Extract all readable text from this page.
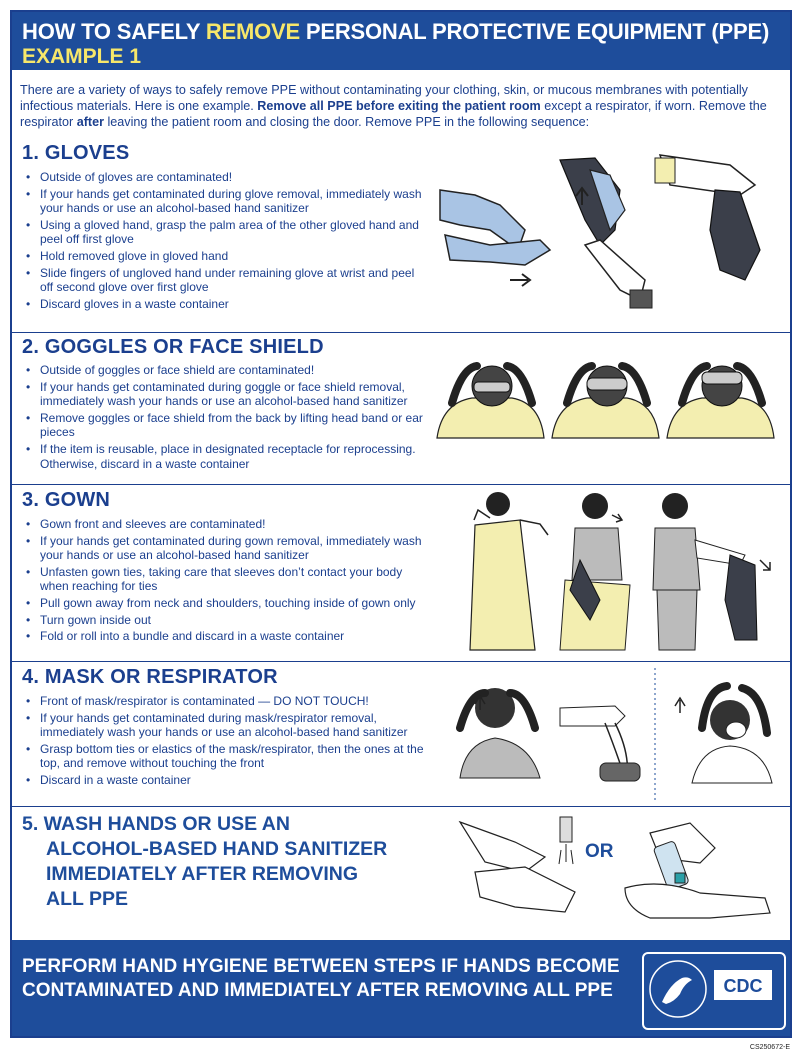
HOW TO SAFELY REMOVE PERSONAL PROTECTIVE EQUIPMENT (PPE)
EXAMPLE 1
There are a variety of ways to safely remove PPE without contaminating your clothing, skin, or mucous membranes with potentially infectious materials. Here is one example. Remove all PPE before exiting the patient room except a respirator, if worn. Remove the respirator after leaving the patient room and closing the door. Remove PPE in the following sequence:
1. GLOVES
• Outside of gloves are contaminated!
• If your hands get contaminated during glove removal, immediately wash your hands or use an alcohol-based hand sanitizer
• Using a gloved hand, grasp the palm area of the other gloved hand and peel off first glove
• Hold removed glove in gloved hand
• Slide fingers of ungloved hand under remaining glove at wrist and peel off second glove over first glove
• Discard gloves in a waste container
2. GOGGLES OR FACE SHIELD
• Outside of goggles or face shield are contaminated!
• If your hands get contaminated during goggle or face shield removal, immediately wash your hands or use an alcohol-based hand sanitizer
• Remove goggles or face shield from the back by lifting head band or ear pieces
• If the item is reusable, place in designated receptacle for reprocessing. Otherwise, discard in a waste container
3. GOWN
• Gown front and sleeves are contaminated!
• If your hands get contaminated during gown removal, immediately wash your hands or use an alcohol-based hand sanitizer
• Unfasten gown ties, taking care that sleeves don’t contact your body when reaching for ties
• Pull gown away from neck and shoulders, touching inside of gown only
• Turn gown inside out
• Fold or roll into a bundle and discard in a waste container
4. MASK OR RESPIRATOR
• Front of mask/respirator is contaminated — DO NOT TOUCH!
• If your hands get contaminated during mask/respirator removal, immediately wash your hands or use an alcohol-based hand sanitizer
• Grasp bottom ties or elastics of the mask/respirator, then the ones at the top, and remove without touching the front
• Discard in a waste container
5. WASH HANDS OR USE AN
ALCOHOL-BASED HAND SANITIZER
IMMEDIATELY AFTER REMOVING
ALL PPE
OR
PERFORM HAND HYGIENE BETWEEN STEPS IF HANDS BECOME CONTAMINATED AND IMMEDIATELY AFTER REMOVING ALL PPE	CDC
CS250672-E
